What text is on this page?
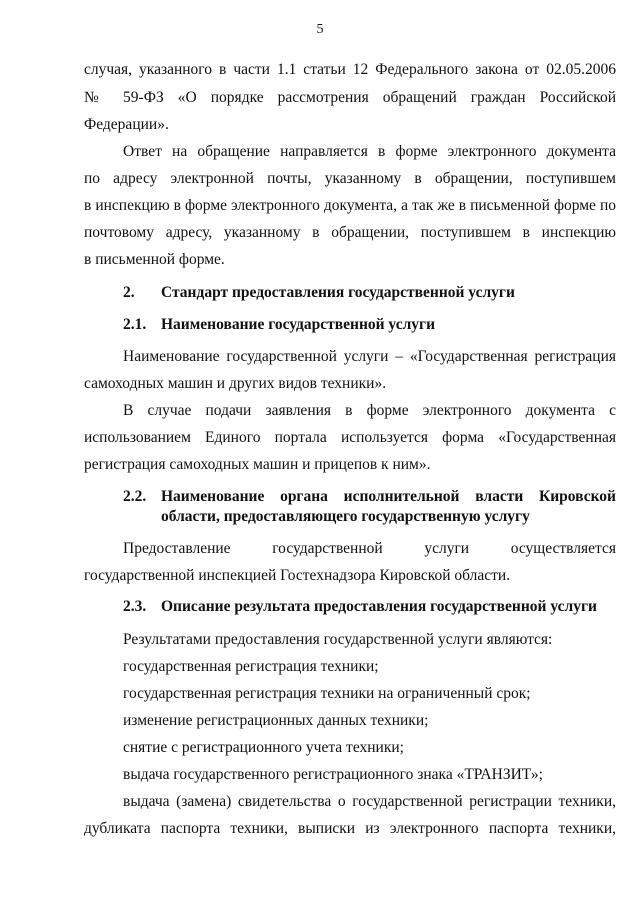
5
случая, указанного в части 1.1 статьи 12 Федерального закона от 02.05.2006
№ 59-ФЗ «О порядке рассмотрения обращений граждан Российской
Федерации».
Ответ на обращение направляется в форме электронного документа
по адресу электронной почты, указанному в обращении, поступившем
в инспекцию в форме электронного документа, а так же в письменной форме по
почтовому адресу, указанному в обращении, поступившем в инспекцию
в письменной форме.
2. Стандарт предоставления государственной услуги
2.1. Наименование государственной услуги
Наименование государственной услуги – «Государственная регистрация
самоходных машин и других видов техники».
В случае подачи заявления в форме электронного документа с
использованием Единого портала используется форма «Государственная
регистрация самоходных машин и прицепов к ним».
2.2. Наименование органа исполнительной власти Кировской
области, предоставляющего государственную услугу
Предоставление государственной услуги осуществляется
государственной инспекцией Гостехнадзора Кировской области.
2.3. Описание результата предоставления государственной услуги
Результатами предоставления государственной услуги являются:
государственная регистрация техники;
государственная регистрация техники на ограниченный срок;
изменение регистрационных данных техники;
снятие с регистрационного учета техники;
выдача государственного регистрационного знака «ТРАНЗИТ»;
выдача (замена) свидетельства о государственной регистрации техники,
дубликата паспорта техники, выписки из электронного паспорта техники,
